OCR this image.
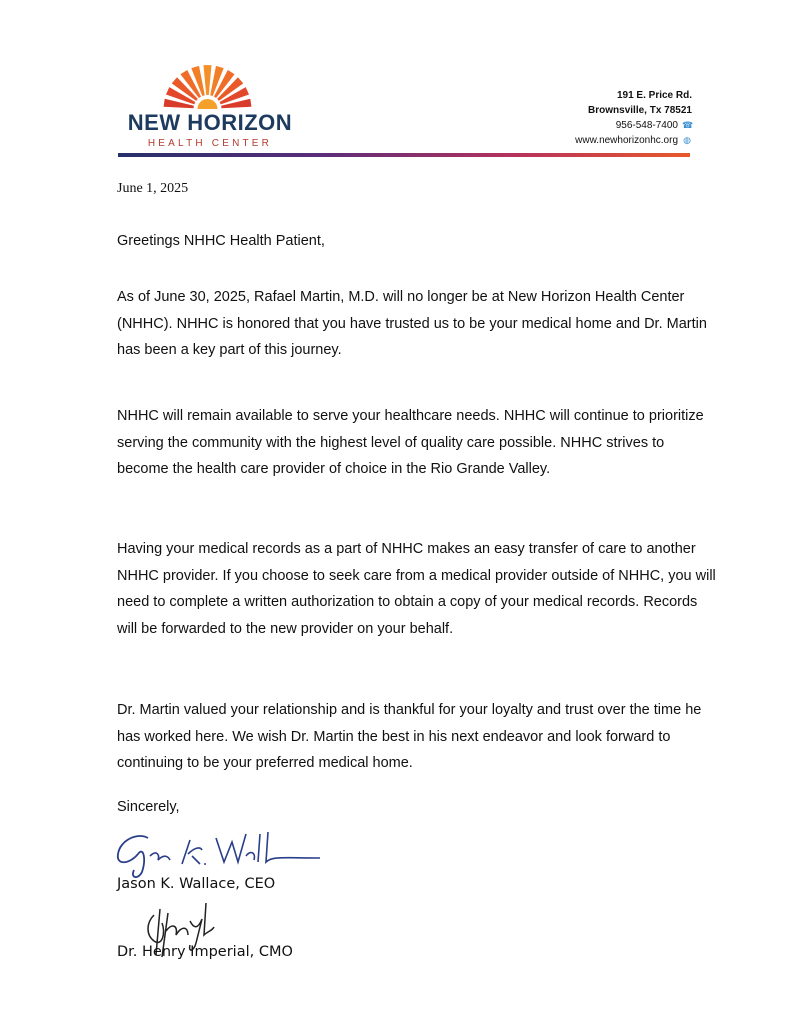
NEW HORIZON
HEALTH CENTER
191 E. Price Rd.
Brownsville, Tx 78521
956-548-7400 ☎
www.newhorizonhc.org ◍
June 1, 2025
Greetings NHHC Health Patient,
As of June 30, 2025, Rafael Martin, M.D. will no longer be at New Horizon Health Center (NHHC). NHHC is honored that you have trusted us to be your medical home and Dr. Martin has been a key part of this journey.
NHHC will remain available to serve your healthcare needs. NHHC will continue to prioritize serving the community with the highest level of quality care possible. NHHC strives to become the health care provider of choice in the Rio Grande Valley.
Having your medical records as a part of NHHC makes an easy transfer of care to another NHHC provider. If you choose to seek care from a medical provider outside of NHHC, you will need to complete a written authorization to obtain a copy of your medical records. Records will be forwarded to the new provider on your behalf.
Dr. Martin valued your relationship and is thankful for your loyalty and trust over the time he has worked here. We wish Dr. Martin the best in his next endeavor and look forward to continuing to be your preferred medical home.
Sincerely,
Jason K. Wallace, CEO
Dr. Henry Imperial, CMO
